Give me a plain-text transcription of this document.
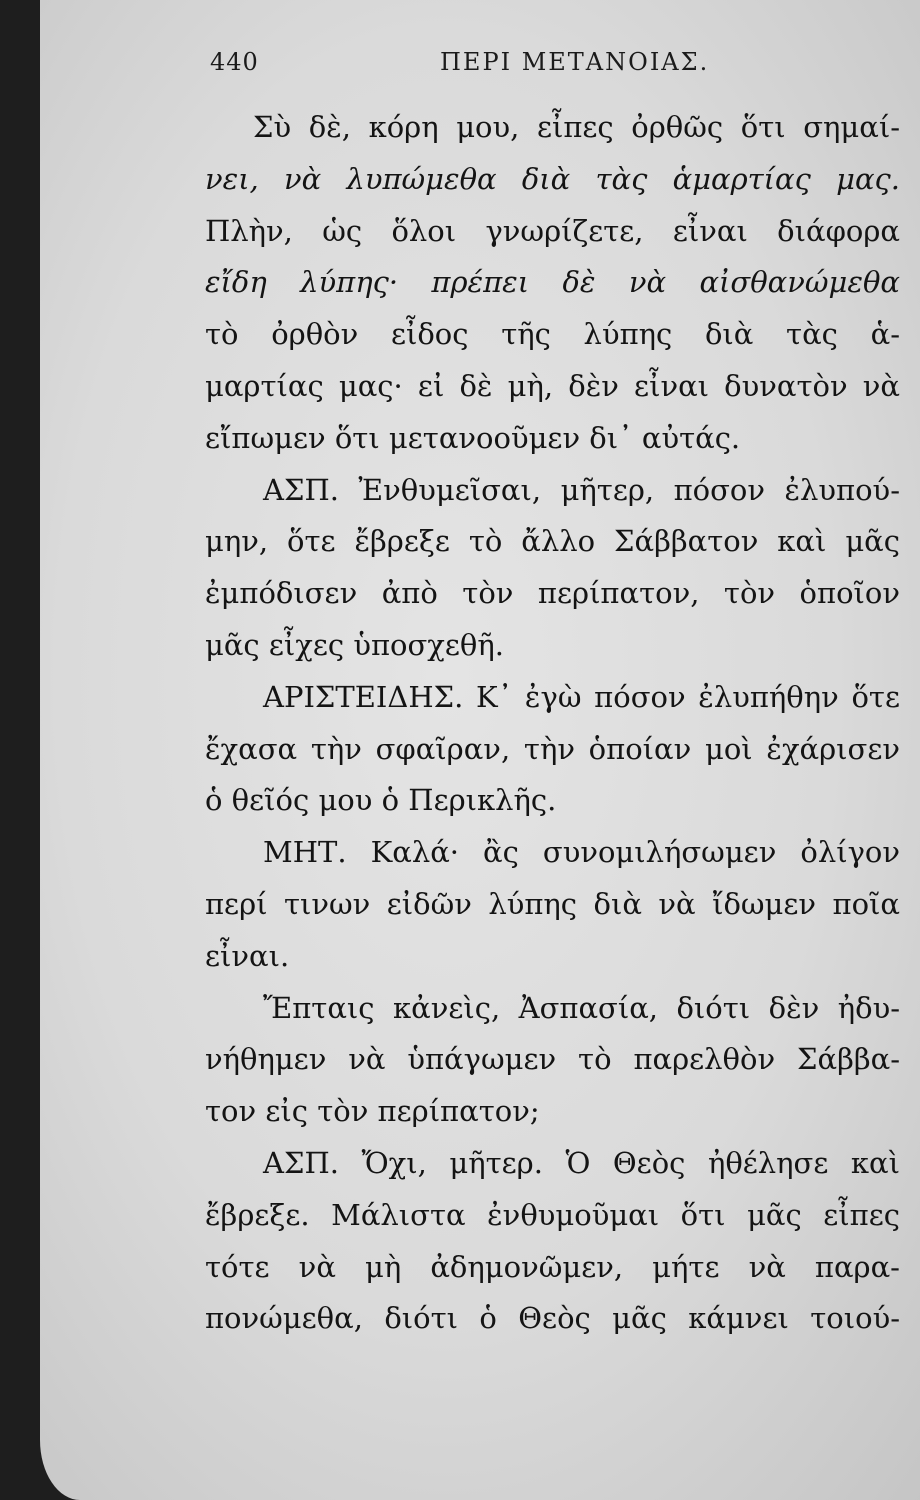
440	ΠΕΡΙ ΜΕΤΑΝΟΙΑΣ.
Σὺ δὲ, κόρη μου, εἶπες ὀρθῶς ὅτι σημαί-
νει, νὰ λυπώμεθα διὰ τὰς ἁμαρτίας μας.
Πλὴν, ὡς ὅλοι γνωρίζετε, εἶναι διάφορα
εἴδη λύπης· πρέπει δὲ νὰ αἰσθανώμεθα
τὸ ὀρθὸν εἶδος τῆς λύπης διὰ τὰς ἁ-
μαρτίας μας· εἰ δὲ μὴ, δὲν εἶναι δυνατὸν νὰ
εἴπωμεν ὅτι μετανοοῦμεν δι᾽ αὐτάς.
ΑΣΠ. Ἐνθυμεῖσαι, μῆτερ, πόσον ἐλυπού-
μην, ὅτε ἔβρεξε τὸ ἄλλο Σάββατον καὶ μᾶς
ἐμπόδισεν ἀπὸ τὸν περίπατον, τὸν ὁποῖον
μᾶς εἶχες ὑποσχεθῆ.
ΑΡΙΣΤΕΙΔΗΣ. Κ᾽ ἐγὼ πόσον ἐλυπήθην ὅτε
ἔχασα τὴν σφαῖραν, τὴν ὁποίαν μοὶ ἐχάρισεν
ὁ θεῖός μου ὁ Περικλῆς.
ΜΗΤ. Καλά· ἂς συνομιλήσωμεν ὀλίγον
περί τινων εἰδῶν λύπης διὰ νὰ ἴδωμεν ποῖα
εἶναι.
Ἔπταις κἀνεὶς, Ἀσπασία, διότι δὲν ἠδυ-
νήθημεν νὰ ὑπάγωμεν τὸ παρελθὸν Σάββα-
τον εἰς τὸν περίπατον;
ΑΣΠ. Ὄχι, μῆτερ. Ὁ Θεὸς ἠθέλησε καὶ
ἔβρεξε. Μάλιστα ἐνθυμοῦμαι ὅτι μᾶς εἶπες
τότε νὰ μὴ ἀδημονῶμεν, μήτε νὰ παρα-
πονώμεθα, διότι ὁ Θεὸς μᾶς κάμνει τοιού-
